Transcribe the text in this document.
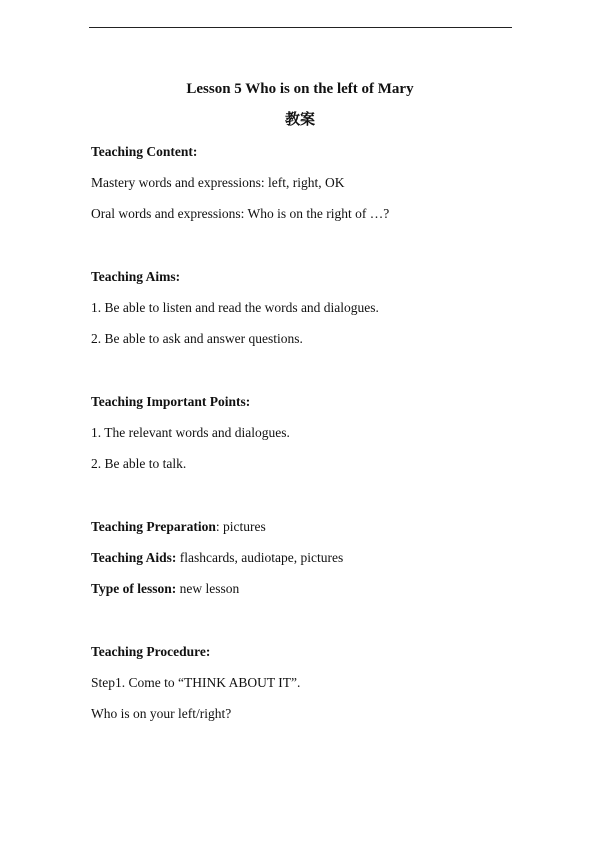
Lesson 5 Who is on the left of Mary
教案
Teaching Content:
Mastery words and expressions: left, right, OK
Oral words and expressions: Who is on the right of …?
Teaching Aims:
1. Be able to listen and read the words and dialogues.
2. Be able to ask and answer questions.
Teaching Important Points:
1. The relevant words and dialogues.
2. Be able to talk.
Teaching Preparation: pictures
Teaching Aids: flashcards, audiotape, pictures
Type of lesson: new lesson
Teaching Procedure:
Step1. Come to “THINK ABOUT IT”.
Who is on your left/right?
